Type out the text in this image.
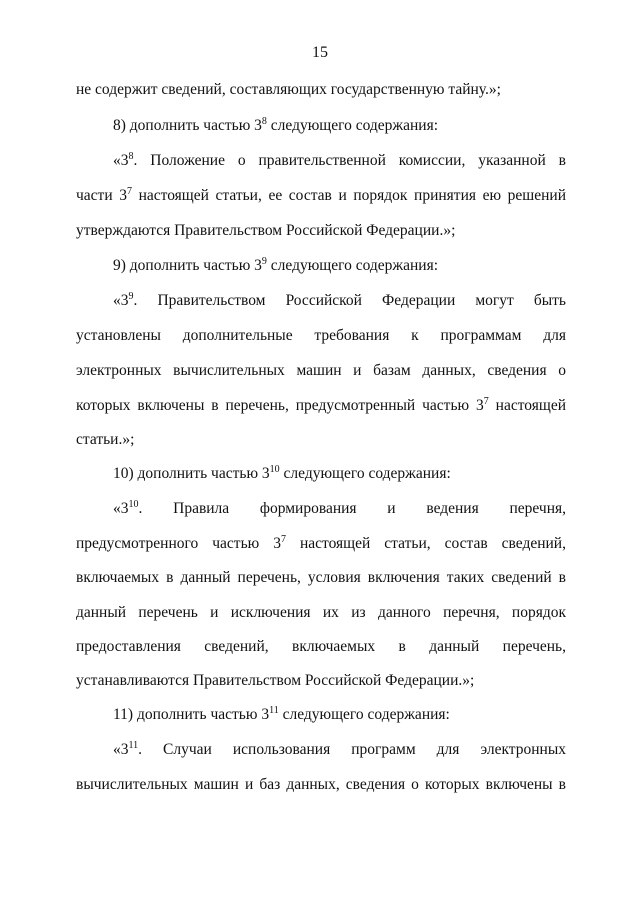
15
не содержит сведений, составляющих государственную тайну.»;
8) дополнить частью $3^8$ следующего содержания:
«$3^8$. Положение о правительственной комиссии, указанной в
части $3^7$ настоящей статьи, ее состав и порядок принятия ею решений
утверждаются Правительством Российской Федерации.»;
9) дополнить частью $3^9$ следующего содержания:
«$3^9$. Правительством Российской Федерации могут быть
установлены дополнительные требования к программам для
электронных вычислительных машин и базам данных, сведения о
которых включены в перечень, предусмотренный частью $3^7$ настоящей
статьи.»;
10) дополнить частью $3^{10}$ следующего содержания:
«$3^{10}$. Правила формирования и ведения перечня,
предусмотренного частью $3^7$ настоящей статьи, состав сведений,
включаемых в данный перечень, условия включения таких сведений в
данный перечень и исключения их из данного перечня, порядок
предоставления сведений, включаемых в данный перечень,
устанавливаются Правительством Российской Федерации.»;
11) дополнить частью $3^{11}$ следующего содержания:
«$3^{11}$. Случаи использования программ для электронных
вычислительных машин и баз данных, сведения о которых включены в
